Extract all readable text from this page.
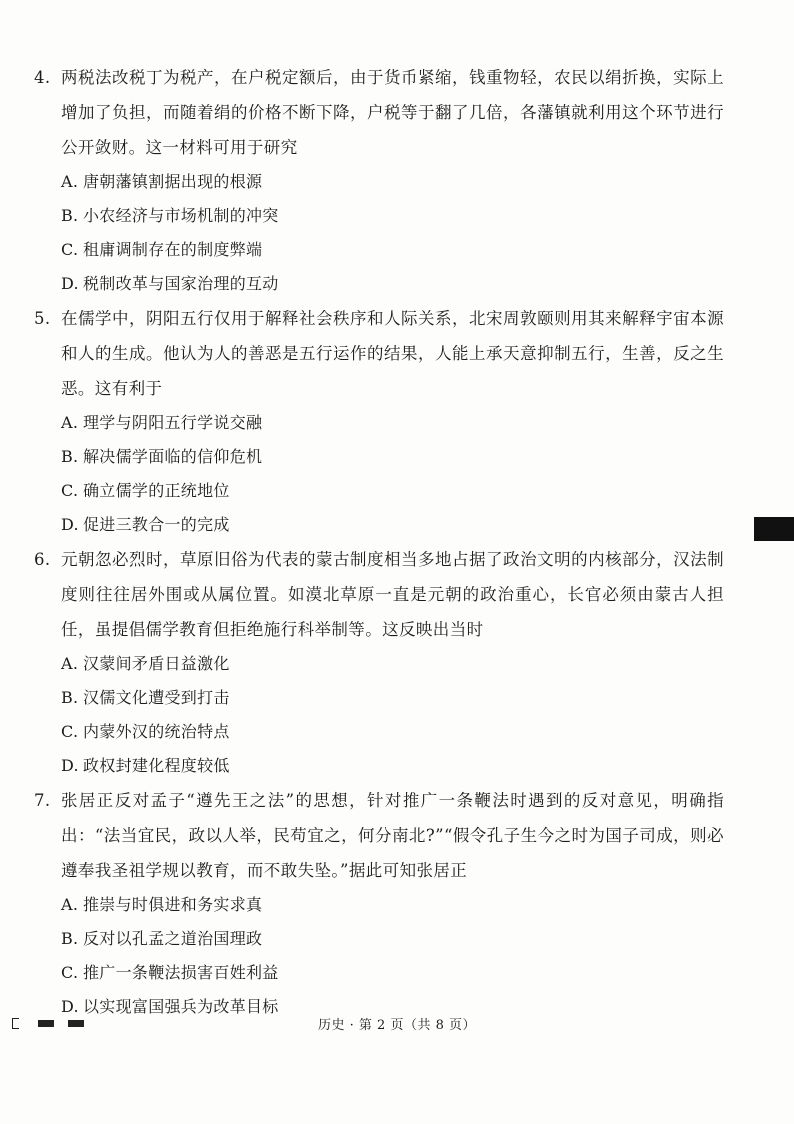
4. 两税法改税丁为税产，在户税定额后，由于货币紧缩，钱重物轻，农民以绢折换，实际上增加了负担，而随着绢的价格不断下降，户税等于翻了几倍，各藩镇就利用这个环节进行公开敛财。这一材料可用于研究
A. 唐朝藩镇割据出现的根源
B. 小农经济与市场机制的冲突
C. 租庸调制存在的制度弊端
D. 税制改革与国家治理的互动
5. 在儒学中，阴阳五行仅用于解释社会秩序和人际关系，北宋周敦颐则用其来解释宇宙本源和人的生成。他认为人的善恶是五行运作的结果，人能上承天意抑制五行，生善，反之生恶。这有利于
A. 理学与阴阳五行学说交融
B. 解决儒学面临的信仰危机
C. 确立儒学的正统地位
D. 促进三教合一的完成
6. 元朝忽必烈时，草原旧俗为代表的蒙古制度相当多地占据了政治文明的内核部分，汉法制度则往往居外围或从属位置。如漠北草原一直是元朝的政治重心，长官必须由蒙古人担任，虽提倡儒学教育但拒绝施行科举制等。这反映出当时
A. 汉蒙间矛盾日益激化
B. 汉儒文化遭受到打击
C. 内蒙外汉的统治特点
D. 政权封建化程度较低
7. 张居正反对孟子“遵先王之法”的思想，针对推广一条鞭法时遇到的反对意见，明确指出：“法当宜民，政以人举，民苟宜之，何分南北?”“假令孔子生今之时为国子司成，则必遵奉我圣祖学规以教育，而不敢失坠。”据此可知张居正
A. 推崇与时俱进和务实求真
B. 反对以孔孟之道治国理政
C. 推广一条鞭法损害百姓利益
D. 以实现富国强兵为改革目标
历史 · 第 2 页（共 8 页）
